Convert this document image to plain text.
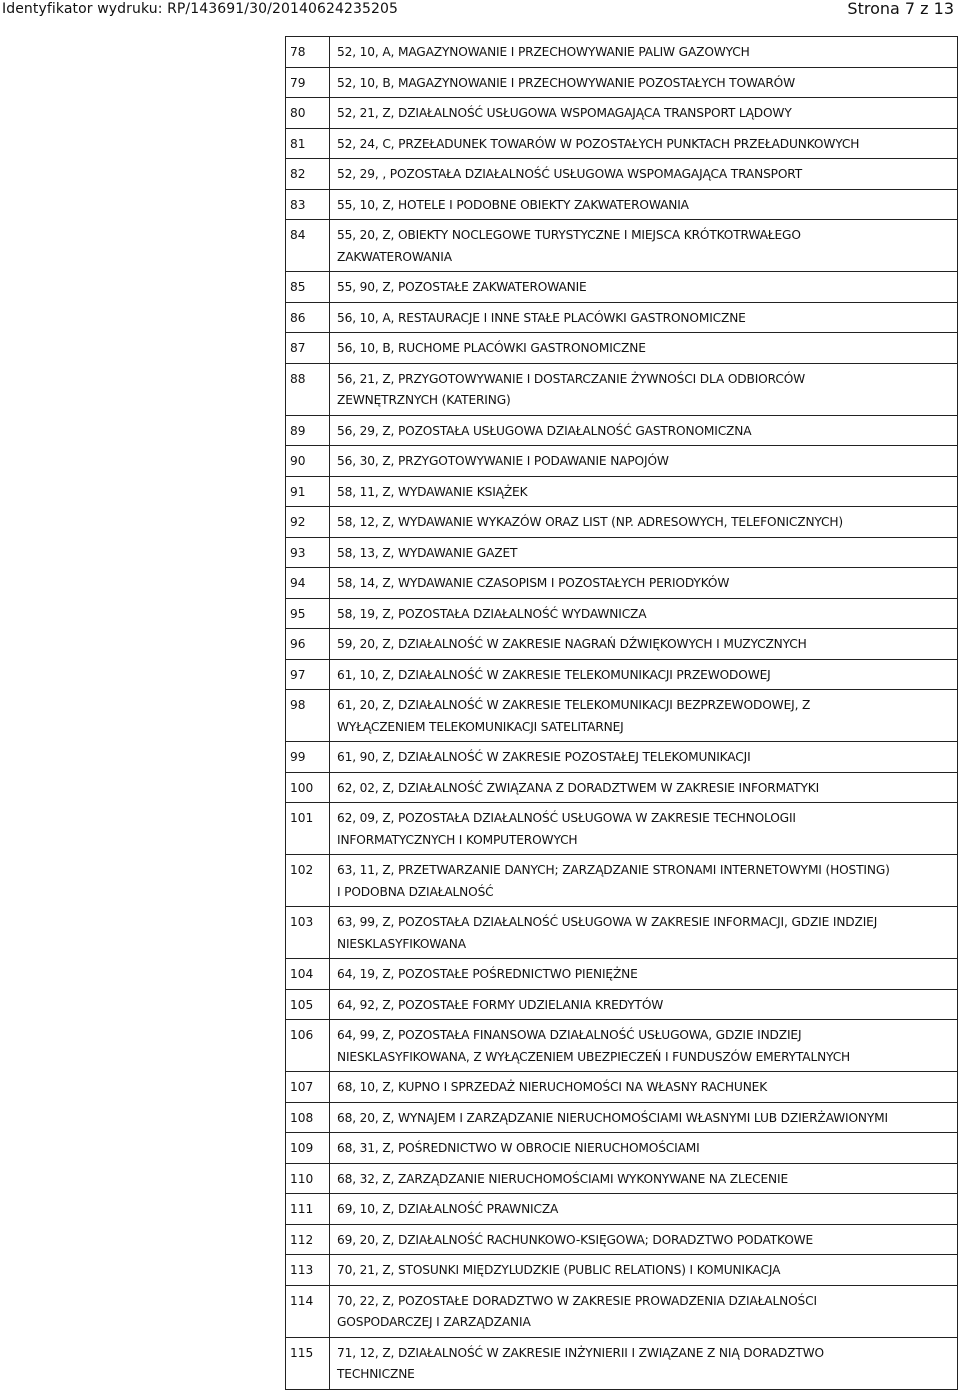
Identyfikator wydruku: RP/143691/30/20140624235205	Strona 7 z 13
78	52, 10, A, MAGAZYNOWANIE I PRZECHOWYWANIE PALIW GAZOWYCH

79	52, 10, B, MAGAZYNOWANIE I PRZECHOWYWANIE POZOSTAŁYCH TOWARÓW

80	52, 21, Z, DZIAŁALNOŚĆ USŁUGOWA WSPOMAGAJĄCA TRANSPORT LĄDOWY

81	52, 24, C, PRZEŁADUNEK TOWARÓW W POZOSTAŁYCH PUNKTACH PRZEŁADUNKOWYCH

82	52, 29, , POZOSTAŁA DZIAŁALNOŚĆ USŁUGOWA WSPOMAGAJĄCA TRANSPORT

83	55, 10, Z, HOTELE I PODOBNE OBIEKTY ZAKWATEROWANIA

84	55, 20, Z, OBIEKTY NOCLEGOWE TURYSTYCZNE I MIEJSCA KRÓTKOTRWAŁEGO
ZAKWATEROWANIA

85	55, 90, Z, POZOSTAŁE ZAKWATEROWANIE

86	56, 10, A, RESTAURACJE I INNE STAŁE PLACÓWKI GASTRONOMICZNE

87	56, 10, B, RUCHOME PLACÓWKI GASTRONOMICZNE

88	56, 21, Z, PRZYGOTOWYWANIE I DOSTARCZANIE ŻYWNOŚCI DLA ODBIORCÓW
ZEWNĘTRZNYCH (KATERING)

89	56, 29, Z, POZOSTAŁA USŁUGOWA DZIAŁALNOŚĆ GASTRONOMICZNA

90	56, 30, Z, PRZYGOTOWYWANIE I PODAWANIE NAPOJÓW

91	58, 11, Z, WYDAWANIE KSIĄŻEK

92	58, 12, Z, WYDAWANIE WYKAZÓW ORAZ LIST (NP. ADRESOWYCH, TELEFONICZNYCH)

93	58, 13, Z, WYDAWANIE GAZET

94	58, 14, Z, WYDAWANIE CZASOPISM I POZOSTAŁYCH PERIODYKÓW

95	58, 19, Z, POZOSTAŁA DZIAŁALNOŚĆ WYDAWNICZA

96	59, 20, Z, DZIAŁALNOŚĆ W ZAKRESIE NAGRAŃ DŹWIĘKOWYCH I MUZYCZNYCH

97	61, 10, Z, DZIAŁALNOŚĆ W ZAKRESIE TELEKOMUNIKACJI PRZEWODOWEJ

98	61, 20, Z, DZIAŁALNOŚĆ W ZAKRESIE TELEKOMUNIKACJI BEZPRZEWODOWEJ, Z
WYŁĄCZENIEM TELEKOMUNIKACJI SATELITARNEJ

99	61, 90, Z, DZIAŁALNOŚĆ W ZAKRESIE POZOSTAŁEJ TELEKOMUNIKACJI

100	62, 02, Z, DZIAŁALNOŚĆ ZWIĄZANA Z DORADZTWEM W ZAKRESIE INFORMATYKI

101	62, 09, Z, POZOSTAŁA DZIAŁALNOŚĆ USŁUGOWA W ZAKRESIE TECHNOLOGII
INFORMATYCZNYCH I KOMPUTEROWYCH

102	63, 11, Z, PRZETWARZANIE DANYCH; ZARZĄDZANIE STRONAMI INTERNETOWYMI (HOSTING)
I PODOBNA DZIAŁALNOŚĆ

103	63, 99, Z, POZOSTAŁA DZIAŁALNOŚĆ USŁUGOWA W ZAKRESIE INFORMACJI, GDZIE INDZIEJ
NIESKLASYFIKOWANA

104	64, 19, Z, POZOSTAŁE POŚREDNICTWO PIENIĘŻNE

105	64, 92, Z, POZOSTAŁE FORMY UDZIELANIA KREDYTÓW

106	64, 99, Z, POZOSTAŁA FINANSOWA DZIAŁALNOŚĆ USŁUGOWA, GDZIE INDZIEJ
NIESKLASYFIKOWANA, Z WYŁĄCZENIEM UBEZPIECZEŃ I FUNDUSZÓW EMERYTALNYCH

107	68, 10, Z, KUPNO I SPRZEDAŻ NIERUCHOMOŚCI NA WŁASNY RACHUNEK

108	68, 20, Z, WYNAJEM I ZARZĄDZANIE NIERUCHOMOŚCIAMI WŁASNYMI LUB DZIERŻAWIONYMI

109	68, 31, Z, POŚREDNICTWO W OBROCIE NIERUCHOMOŚCIAMI

110	68, 32, Z, ZARZĄDZANIE NIERUCHOMOŚCIAMI WYKONYWANE NA ZLECENIE

111	69, 10, Z, DZIAŁALNOŚĆ PRAWNICZA

112	69, 20, Z, DZIAŁALNOŚĆ RACHUNKOWO-KSIĘGOWA; DORADZTWO PODATKOWE

113	70, 21, Z, STOSUNKI MIĘDZYLUDZKIE (PUBLIC RELATIONS) I KOMUNIKACJA

114	70, 22, Z, POZOSTAŁE DORADZTWO W ZAKRESIE PROWADZENIA DZIAŁALNOŚCI
GOSPODARCZEJ I ZARZĄDZANIA

115	71, 12, Z, DZIAŁALNOŚĆ W ZAKRESIE INŻYNIERII I ZWIĄZANE Z NIĄ DORADZTWO
TECHNICZNE
